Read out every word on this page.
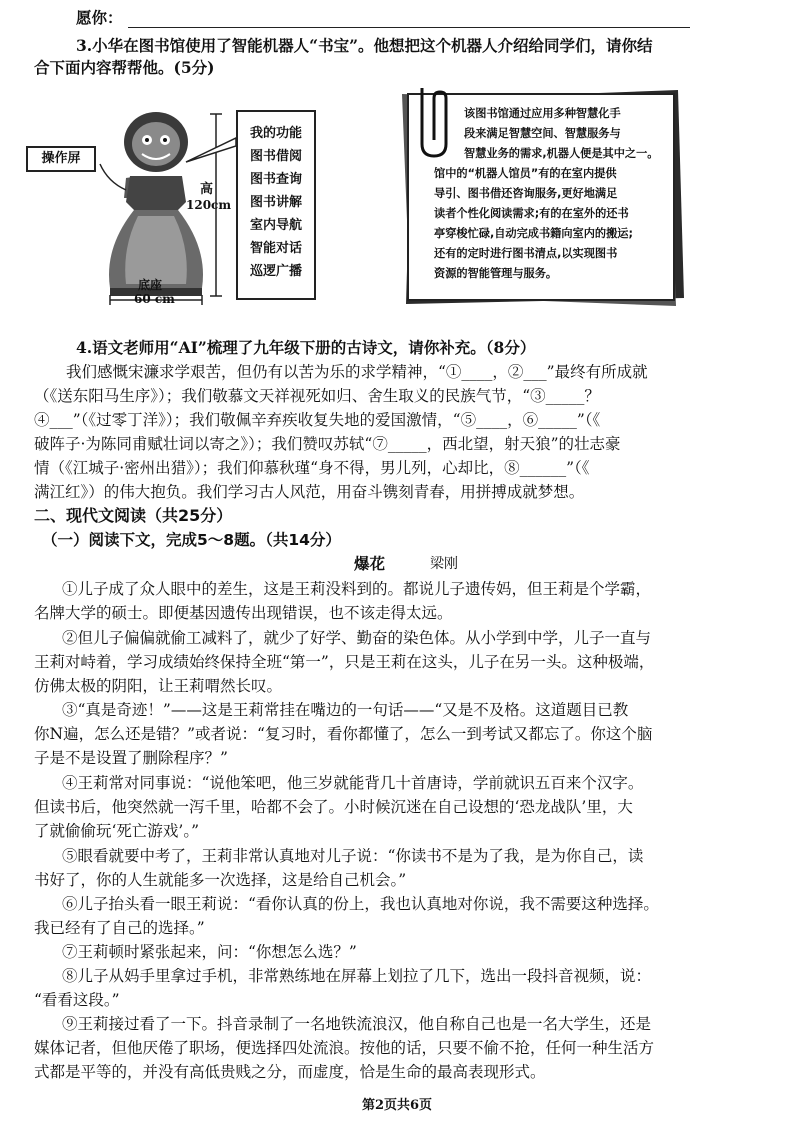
愿你：
3.小华在图书馆使用了智能机器人“书宝”。他想把这个机器人介绍给同学们，请你结
合下面内容帮帮他。(5分)
操作屏
高
120cm
底座
60 cm
我的功能
图书借阅
图书查询
图书讲解
室内导航
智能对话
巡逻广播
该图书馆通过应用多种智慧化手
段来满足智慧空间、智慧服务与
智慧业务的需求,机器人便是其中之一。
馆中的“机器人馆员”有的在室内提供
导引、图书借还咨询服务,更好地满足
读者个性化阅读需求;有的在室外的还书
亭穿梭忙碌,自动完成书籍向室内的搬运;
还有的定时进行图书清点,以实现图书
资源的智能管理与服务。
4.语文老师用“AI”梳理了九年级下册的古诗文，请你补充。（8分）
我们感慨宋濂求学艰苦，但仍有以苦为乐的求学精神，“①____，②___”最终有所成就
（《送东阳马生序》）；我们敬慕文天祥视死如归、舍生取义的民族气节，“③_____？
④___”（《过零丁洋》）；我们敬佩辛弃疾收复失地的爱国激情，“⑤____，⑥_____”（《
破阵子·为陈同甫赋壮词以寄之》）；我们赞叹苏轼“⑦_____，西北望，射天狼”的壮志豪
情（《江城子·密州出猎》）；我们仰慕秋瑾“身不得，男儿列，心却比，⑧______”（《
满江红》）的伟大抱负。我们学习古人风范，用奋斗镌刻青春，用拼搏成就梦想。
二、现代文阅读（共25分）
（一）阅读下文，完成5～8题。（共14分）
爆花	梁刚
①儿子成了众人眼中的差生，这是王莉没料到的。都说儿子遗传妈，但王莉是个学霸，
名牌大学的硕士。即便基因遗传出现错误，也不该走得太远。
②但儿子偏偏就偷工减料了，就少了好学、勤奋的染色体。从小学到中学，儿子一直与
王莉对峙着，学习成绩始终保持全班“第一”，只是王莉在这头，儿子在另一头。这种极端，
仿佛太极的阴阳，让王莉喟然长叹。
③“真是奇迹！”——这是王莉常挂在嘴边的一句话——“又是不及格。这道题目已教
你N遍，怎么还是错？”或者说：“复习时，看你都懂了，怎么一到考试又都忘了。你这个脑
子是不是设置了删除程序？”
④王莉常对同事说：“说他笨吧，他三岁就能背几十首唐诗，学前就识五百来个汉字。
但读书后，他突然就一泻千里，哈都不会了。小时候沉迷在自己设想的‘恐龙战队’里，大
了就偷偷玩‘死亡游戏’。”
⑤眼看就要中考了，王莉非常认真地对儿子说：“你读书不是为了我，是为你自己，读
书好了，你的人生就能多一次选择，这是给自己机会。”
⑥儿子抬头看一眼王莉说：“看你认真的份上，我也认真地对你说，我不需要这种选择。
我已经有了自己的选择。”
⑦王莉顿时紧张起来，问：“你想怎么选？”
⑧儿子从妈手里拿过手机，非常熟练地在屏幕上划拉了几下，选出一段抖音视频，说：
“看看这段。”
⑨王莉接过看了一下。抖音录制了一名地铁流浪汉，他自称自己也是一名大学生，还是
媒体记者，但他厌倦了职场，便选择四处流浪。按他的话，只要不偷不抢，任何一种生活方
式都是平等的，并没有高低贵贱之分，而虚度，恰是生命的最高表现形式。
第2页共6页
